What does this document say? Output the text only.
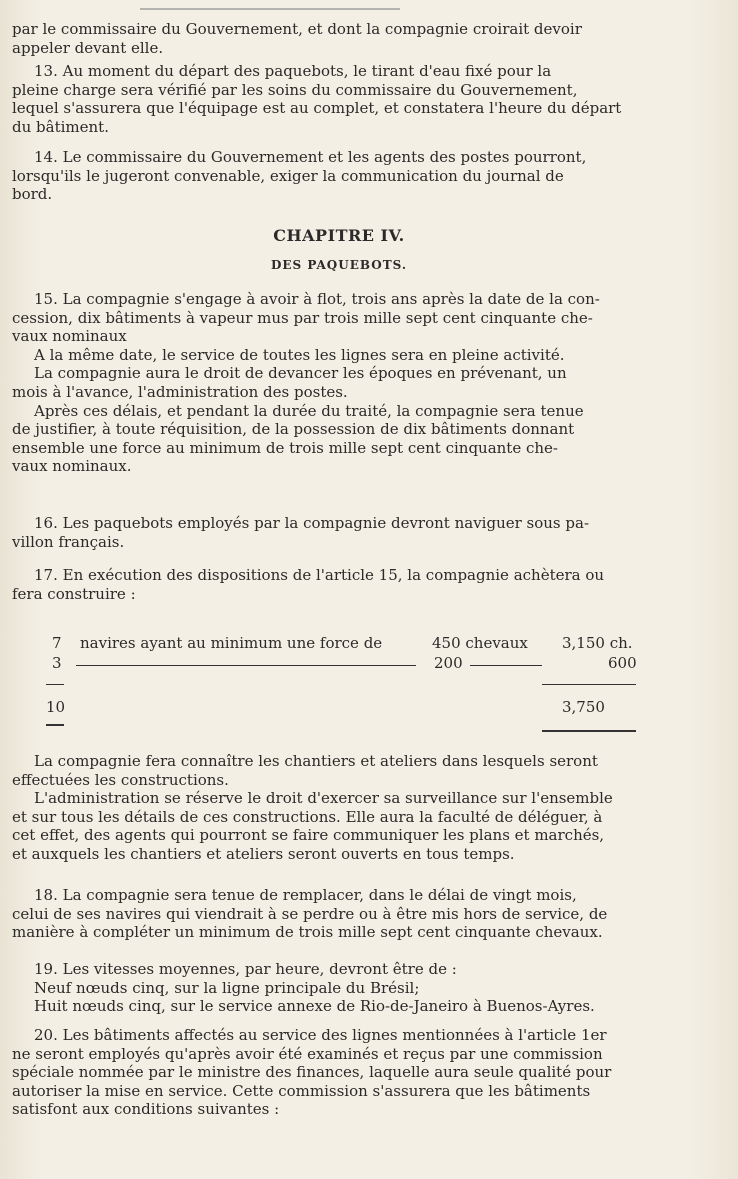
par le commissaire du Gouvernement, et dont la compagnie croirait devoir
appeler devant elle.
13. Au moment du départ des paquebots, le tirant d'eau fixé pour la
pleine charge sera vérifié par les soins du commissaire du Gouvernement,
lequel s'assurera que l'équipage est au complet, et constatera l'heure du départ
du bâtiment.
14. Le commissaire du Gouvernement et les agents des postes pourront,
lorsqu'ils le jugeront convenable, exiger la communication du journal de
bord.
CHAPITRE IV.
DES PAQUEBOTS.
15. La compagnie s'engage à avoir à flot, trois ans après la date de la con-
cession, dix bâtiments à vapeur mus par trois mille sept cent cinquante che-
vaux nominaux
A la même date, le service de toutes les lignes sera en pleine activité.
La compagnie aura le droit de devancer les époques en prévenant, un
mois à l'avance, l'administration des postes.
Après ces délais, et pendant la durée du traité, la compagnie sera tenue
de justifier, à toute réquisition, de la possession de dix bâtiments donnant
ensemble une force au minimum de trois mille sept cent cinquante che-
vaux nominaux.
16. Les paquebots employés par la compagnie devront naviguer sous pa-
villon français.
17. En exécution des dispositions de l'article 15, la compagnie achètera ou
fera construire :
7 navires ayant au minimum une force de	450 chevaux 3,150 ch.
3	200	600
10	3,750
La compagnie fera connaître les chantiers et ateliers dans lesquels seront
effectuées les constructions.
L'administration se réserve le droit d'exercer sa surveillance sur l'ensemble
et sur tous les détails de ces constructions. Elle aura la faculté de déléguer, à
cet effet, des agents qui pourront se faire communiquer les plans et marchés,
et auxquels les chantiers et ateliers seront ouverts en tous temps.
18. La compagnie sera tenue de remplacer, dans le délai de vingt mois,
celui de ses navires qui viendrait à se perdre ou à être mis hors de service, de
manière à compléter un minimum de trois mille sept cent cinquante chevaux.
19. Les vitesses moyennes, par heure, devront être de :
Neuf nœuds cinq, sur la ligne principale du Brésil;
Huit nœuds cinq, sur le service annexe de Rio-de-Janeiro à Buenos-Ayres.
20. Les bâtiments affectés au service des lignes mentionnées à l'article 1er
ne seront employés qu'après avoir été examinés et reçus par une commission
spéciale nommée par le ministre des finances, laquelle aura seule qualité pour
autoriser la mise en service. Cette commission s'assurera que les bâtiments
satisfont aux conditions suivantes :
